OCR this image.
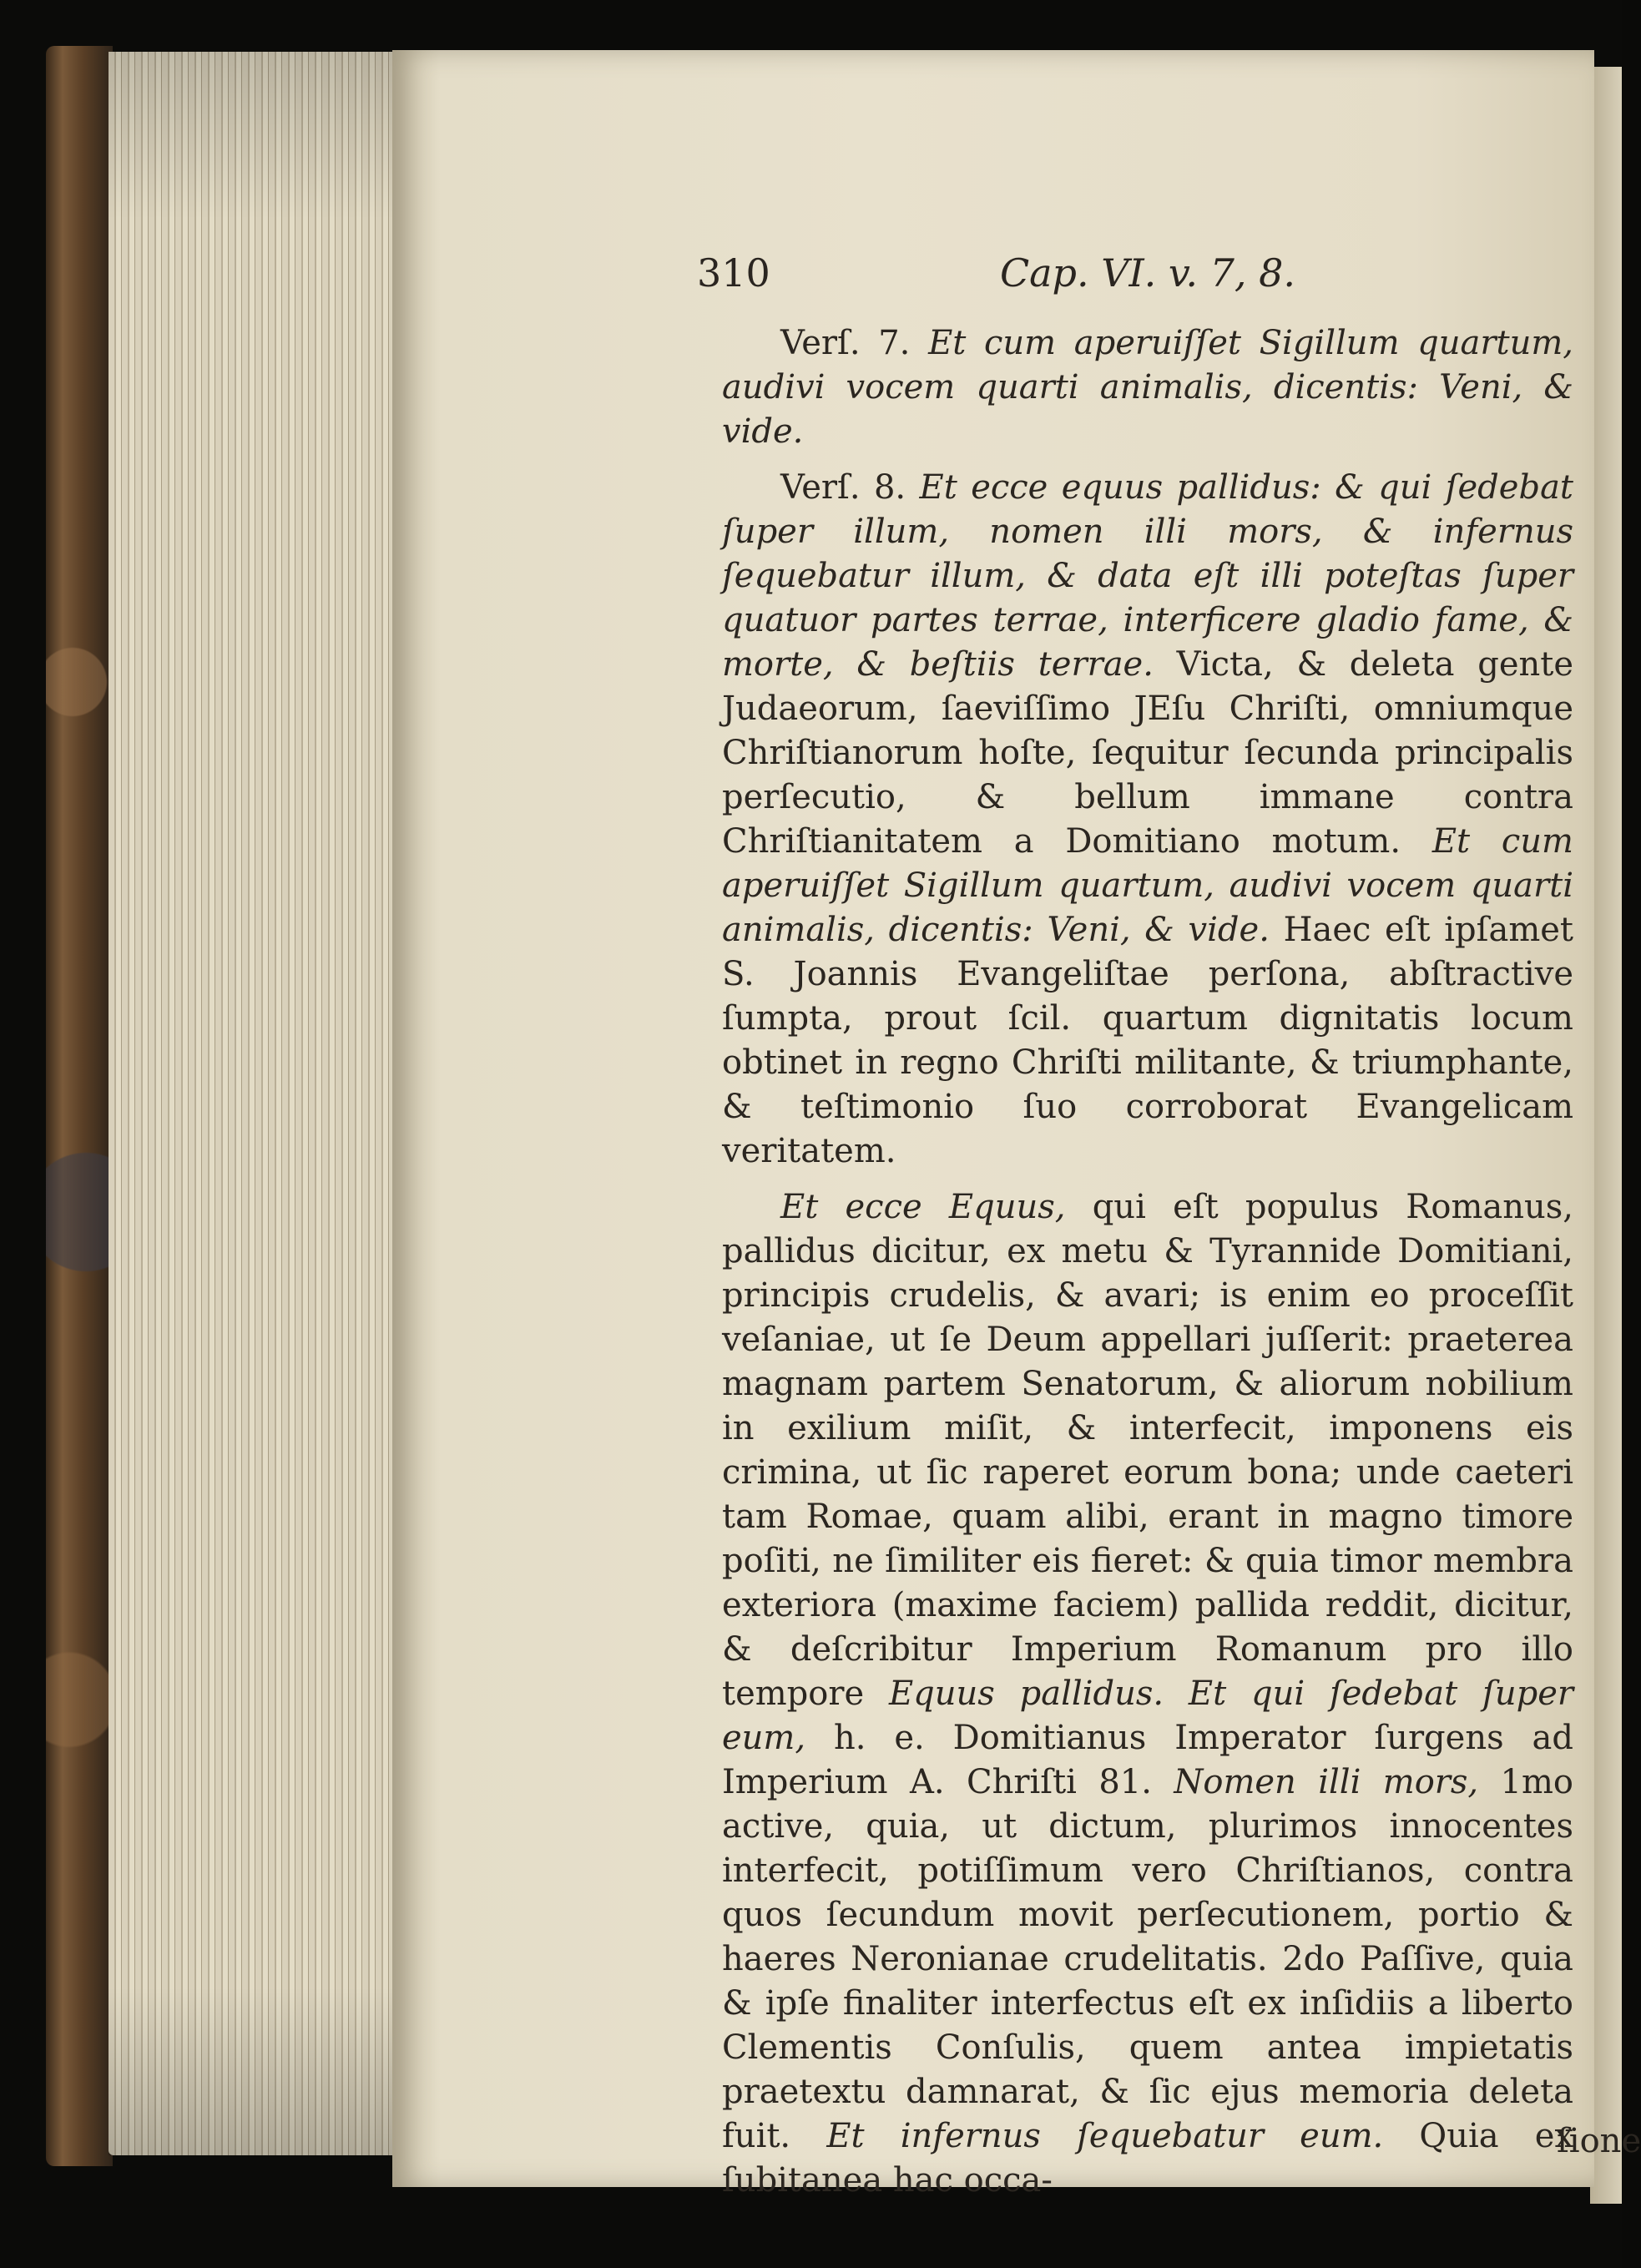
310	Cap. VI. v. 7, 8.

Verſ. 7. Et cum aperuiſſet Sigillum quartum, audivi vocem quarti animalis, dicentis: Veni, & vide.

Verſ. 8. Et ecce equus pallidus: & qui ſedebat ſuper illum, nomen illi mors, & infernus ſequebatur illum, & data eſt illi poteſtas ſuper quatuor partes terrae, interficere gladio fame, & morte, & beſtiis terrae. Victa, & deleta gente Judaeorum, ſaeviſſimo JEſu Chriſti, omniumque Chriſtianorum hoſte, ſequitur ſecunda principalis perſecutio, & bellum immane contra Chriſtianitatem a Domitiano motum. Et cum aperuiſſet Sigillum quartum, audivi vocem quarti animalis, dicentis: Veni, & vide. Haec eſt ipſamet S. Joannis Evangeliſtae perſona, abſtractive ſumpta, prout ſcil. quartum dignitatis locum obtinet in regno Chriſti militante, & triumphante, & teſtimonio ſuo corroborat Evangelicam veritatem.

Et ecce Equus, qui eſt populus Romanus, pallidus dicitur, ex metu & Tyrannide Domitiani, principis crudelis, & avari; is enim eo proceſſit veſaniae, ut ſe Deum appellari juſſerit: praeterea magnam partem Senatorum, & aliorum nobilium in exilium miſit, & interfecit, imponens eis crimina, ut ſic raperet eorum bona; unde caeteri tam Romae, quam alibi, erant in magno timore poſiti, ne ſimiliter eis fieret: & quia timor membra exteriora (maxime faciem) pallida reddit, dicitur, & deſcribitur Imperium Romanum pro illo tempore Equus pallidus. Et qui ſedebat ſuper eum, h. e. Domitianus Imperator ſurgens ad Imperium A. Chriſti 81. Nomen illi mors, 1mo active, quia, ut dictum, plurimos innocentes interfecit, potiſſimum vero Chriſtianos, contra quos ſecundum movit perſecutionem, portio & haeres Neronianae crudelitatis. 2do Paſſive, quia & ipſe finaliter interfectus eſt ex inſidiis a liberto Clementis Conſulis, quem antea impietatis praetextu damnarat, & ſic ejus memoria deleta fuit. Et infernus ſequebatur eum. Quia ex ſubitanea hac occa-

ſione
